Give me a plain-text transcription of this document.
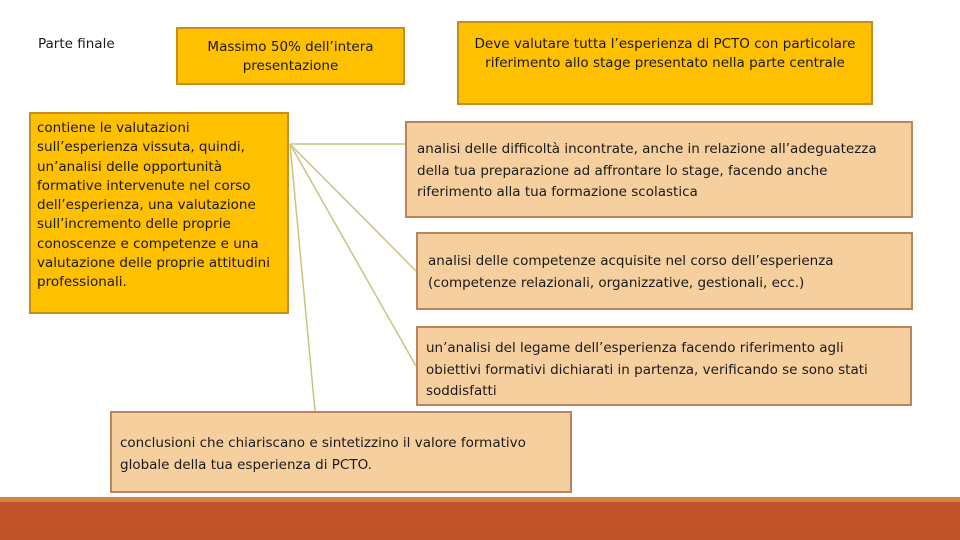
Parte finale	Massimo 50% dell’intera presentazione
Deve valutare tutta l’esperienza di PCTO con particolare riferimento allo stage presentato nella parte centrale
contiene le valutazioni sull’esperienza vissuta, quindi, un’analisi delle opportunità formative intervenute nel corso dell’esperienza, una valutazione sull’incremento delle proprie conoscenze e competenze e una valutazione delle proprie attitudini professionali.
analisi delle difficoltà incontrate, anche in relazione all’adeguatezza della tua preparazione ad affrontare lo stage, facendo anche riferimento alla tua formazione scolastica
analisi delle competenze acquisite nel corso dell’esperienza (competenze relazionali, organizzative, gestionali, ecc.)
un’analisi del legame dell’esperienza facendo riferimento agli obiettivi formativi dichiarati in partenza, verificando se sono stati soddisfatti
conclusioni che chiariscano e sintetizzino il valore formativo globale della tua esperienza di PCTO.
